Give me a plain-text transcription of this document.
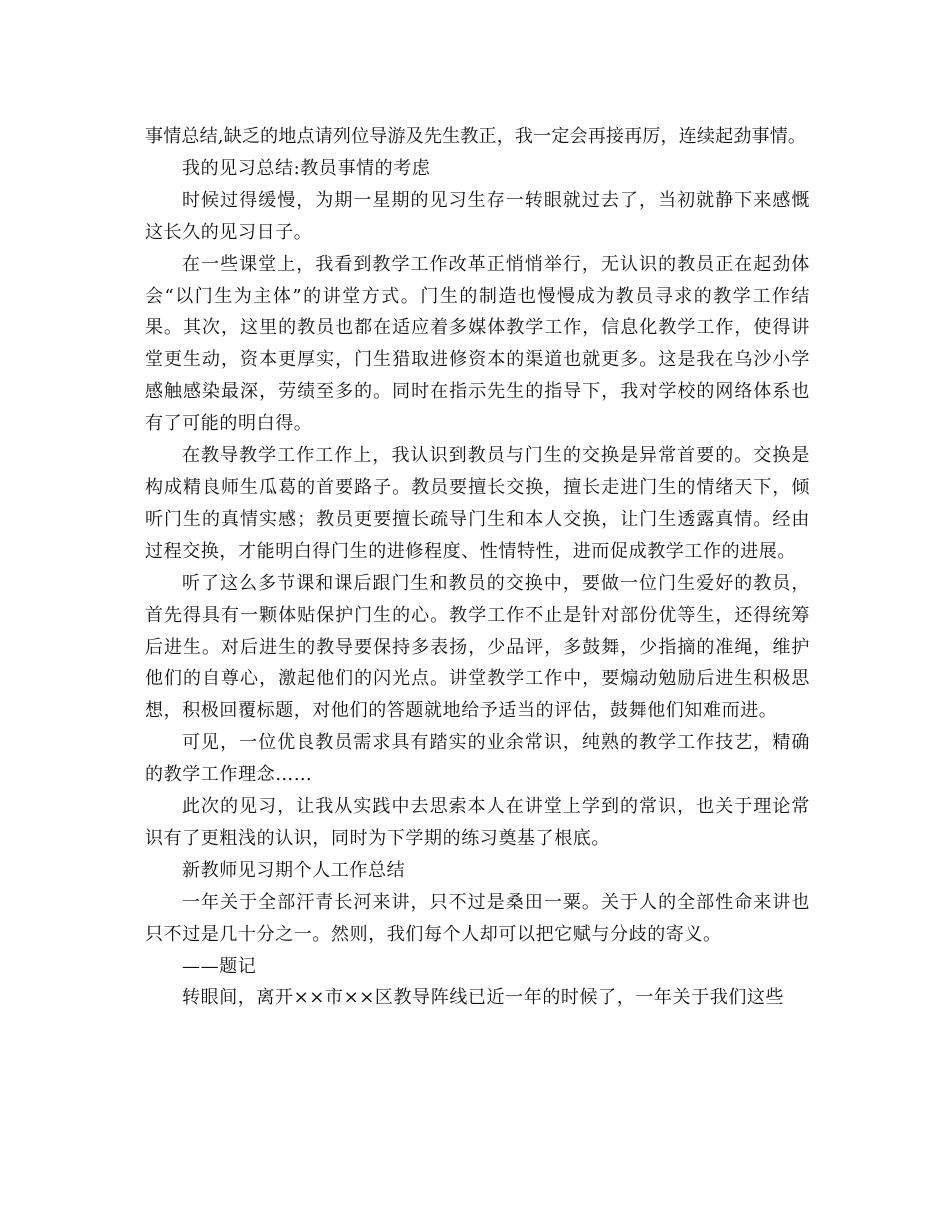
事情总结,缺乏的地点请列位导游及先生教正，我一定会再接再厉，连续起劲事情。

我的见习总结:教员事情的考虑

时候过得缓慢，为期一星期的见习生存一转眼就过去了，当初就静下来感慨这长久的见习日子。

在一些课堂上，我看到教学工作改革正悄悄举行，无认识的教员正在起劲体会“以门生为主体”的讲堂方式。门生的制造也慢慢成为教员寻求的教学工作结果。其次，这里的教员也都在适应着多媒体教学工作，信息化教学工作，使得讲堂更生动，资本更厚实，门生猎取进修资本的渠道也就更多。这是我在乌沙小学感触感染最深，劳绩至多的。同时在指示先生的指导下，我对学校的网络体系也有了可能的明白得。

在教导教学工作工作上，我认识到教员与门生的交换是异常首要的。交换是构成精良师生瓜葛的首要路子。教员要擅长交换，擅长走进门生的情绪天下，倾听门生的真情实感；教员更要擅长疏导门生和本人交换，让门生透露真情。经由过程交换，才能明白得门生的进修程度、性情特性，进而促成教学工作的进展。

听了这么多节课和课后跟门生和教员的交换中，要做一位门生爱好的教员，首先得具有一颗体贴保护门生的心。教学工作不止是针对部份优等生，还得统筹后进生。对后进生的教导要保持多表扬，少品评，多鼓舞，少指摘的准绳，维护他们的自尊心，激起他们的闪光点。讲堂教学工作中，要煽动勉励后进生积极思想，积极回覆标题，对他们的答题就地给予适当的评估，鼓舞他们知难而进。

可见，一位优良教员需求具有踏实的业余常识，纯熟的教学工作技艺，精确的教学工作理念……

此次的见习，让我从实践中去思索本人在讲堂上学到的常识，也关于理论常识有了更粗浅的认识，同时为下学期的练习奠基了根底。

新教师见习期个人工作总结

一年关于全部汗青长河来讲，只不过是桑田一粟。关于人的全部性命来讲也只不过是几十分之一。然则，我们每个人却可以把它赋与分歧的寄义。

——题记

转眼间，离开××市××区教导阵线已近一年的时候了，一年关于我们这些
